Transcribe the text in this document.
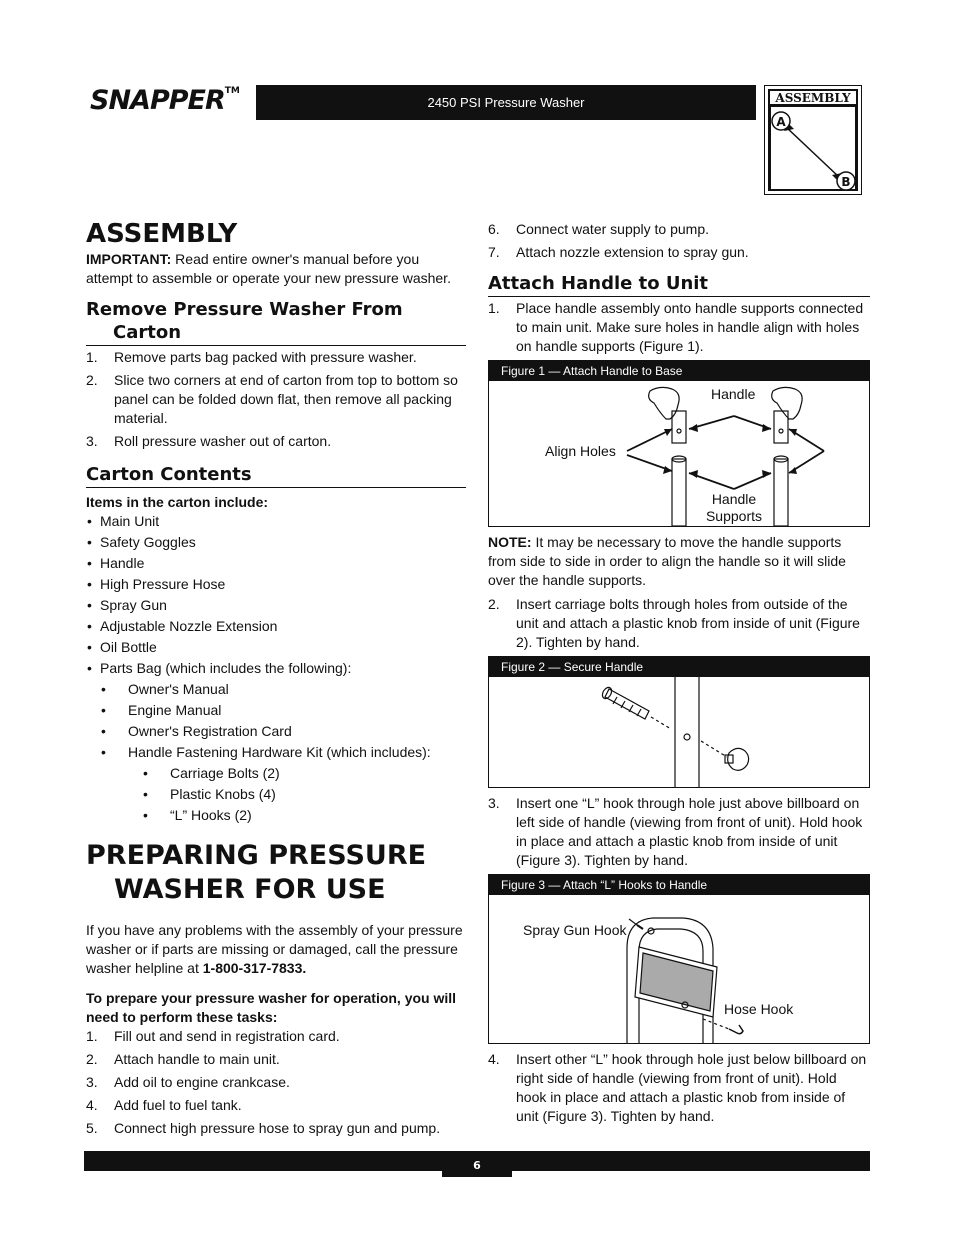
SNAPPER™
2450 PSI Pressure Washer	ASSEMBLY
A
B
ASSEMBLY

IMPORTANT: Read entire owner's manual before you attempt to assemble or operate your new pressure washer.

Remove Pressure Washer From
Carton
1. Remove parts bag packed with pressure washer.
2. Slice two corners at end of carton from top to bottom so panel can be folded down flat, then remove all packing material.
3. Roll pressure washer out of carton.
Carton Contents

Items in the carton include:

• Main Unit
• Safety Goggles
• Handle
• High Pressure Hose
• Spray Gun
• Adjustable Nozzle Extension
• Oil Bottle
• Parts Bag (which includes the following):
• Owner's Manual
• Engine Manual
• Owner's Registration Card
• Handle Fastening Hardware Kit (which includes):
• Carriage Bolts (2)
• Plastic Knobs (4)
• “L” Hooks (2)
PREPARING PRESSURE
WASHER FOR USE

If you have any problems with the assembly of your pressure washer or if parts are missing or damaged, call the pressure washer helpline at 1-800-317-7833.

To prepare your pressure washer for operation, you will need to perform these tasks:

1. Fill out and send in registration card.
2. Attach handle to main unit.
3. Add oil to engine crankcase.
4. Add fuel to fuel tank.
5. Connect high pressure hose to spray gun and pump.
6. Connect water supply to pump.
7. Attach nozzle extension to spray gun.
Attach Handle to Unit
1. Place handle assembly onto handle supports connected to main unit. Make sure holes in handle align with holes on handle supports (Figure 1).
Figure 1 — Attach Handle to Base
Handle
Align Holes
Handle
Supports

NOTE: It may be necessary to move the handle supports from side to side in order to align the handle so it will slide over the handle supports.

2. Insert carriage bolts through holes from outside of the unit and attach a plastic knob from inside of unit (Figure 2). Tighten by hand.
Figure 2 — Secure Handle
3. Insert one “L” hook through hole just above billboard on left side of handle (viewing from front of unit). Hold hook in place and attach a plastic knob from inside of unit (Figure 3). Tighten by hand.
Figure 3 — Attach “L” Hooks to Handle
Spray Gun Hook
Hose Hook
4. Insert other “L” hook through hole just below billboard on right side of handle (viewing from front of unit). Hold hook in place and attach a plastic knob from inside of unit (Figure 3). Tighten by hand.
6
